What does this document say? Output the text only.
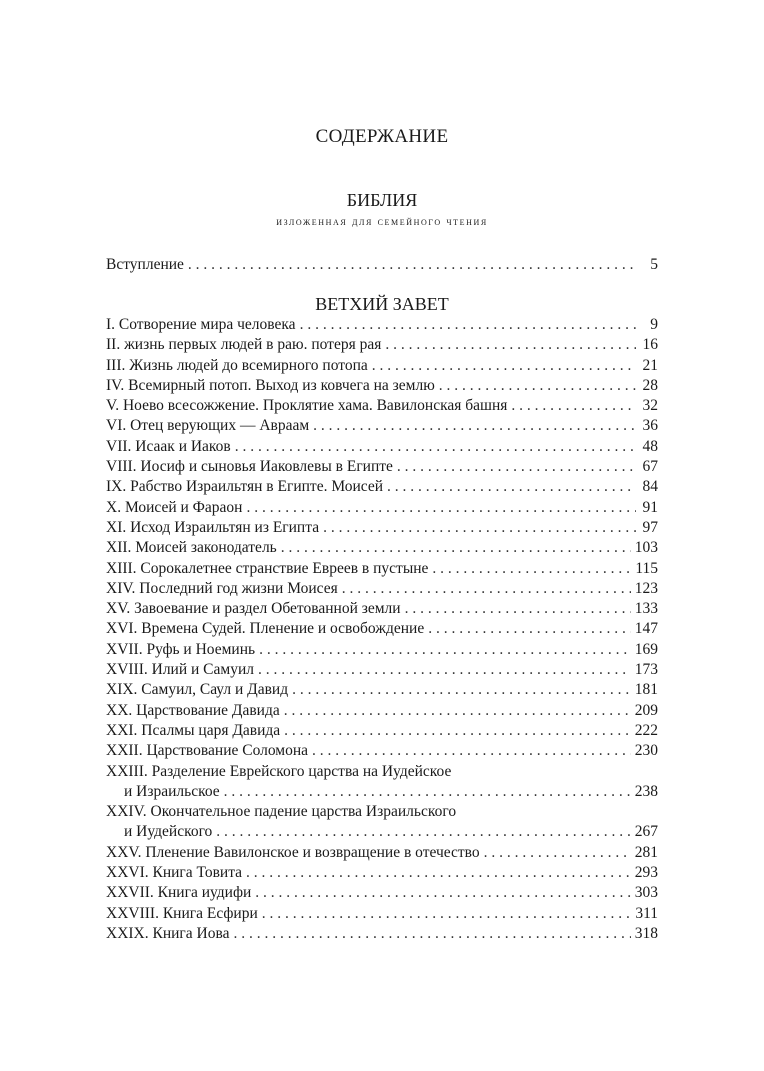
СОДЕРЖАНИЕ
БИБЛИЯ
изложенная для семейного чтения
Вступление . . .	5
ВЕТХИЙ ЗАВЕТ
I. Сотворение мира человека . . .	9
II. жизнь первых людей в раю. потеря рая . . .	16
III. Жизнь людей до всемирного потопа . . .	21
IV. Всемирный потоп. Выход из ковчега на землю . . .	28
V. Ноево всесожжение. Проклятие хама. Вавилонская башня . . .	32
VI. Отец верующих — Авраам . . .	36
VII. Исаак и Иаков . . .	48
VIII. Иосиф и сыновья Иаковлевы в Египте . . .	67
IX. Рабство Израильтян в Египте. Моисей . . .	84
X. Моисей и Фараон . . .	91
XI. Исход Израильтян из Египта . . .	97
XII. Моисей законодатель . . .	103
XIII. Сорокалетнее странствие Евреев в пустыне . . .	115
XIV. Последний год жизни Моисея . . .	123
XV. Завоевание и раздел Обетованной земли . . .	133
XVI. Времена Судей. Пленение и освобождение . . .	147
XVII. Руфь и Ноеминь . . .	169
XVIII. Илий и Самуил . . .	173
XIX. Самуил, Саул и Давид . . .	181
XX. Царствование Давида . . .	209
XXI. Псалмы царя Давида . . .	222
XXII. Царствование Соломона . . .	230
XXIII. Разделение Еврейского царства на Иудейское
и Израильское . . .	238
XXIV. Окончательное падение царства Израильского
и Иудейского . . .	267
XXV. Пленение Вавилонское и возвращение в отечество . . .	281
XXVI. Книга Товита . . .	293
XXVII. Книга иудифи . . .	303
XXVIII. Книга Есфири . . .	311
XXIX. Книга Иова . . .	318
